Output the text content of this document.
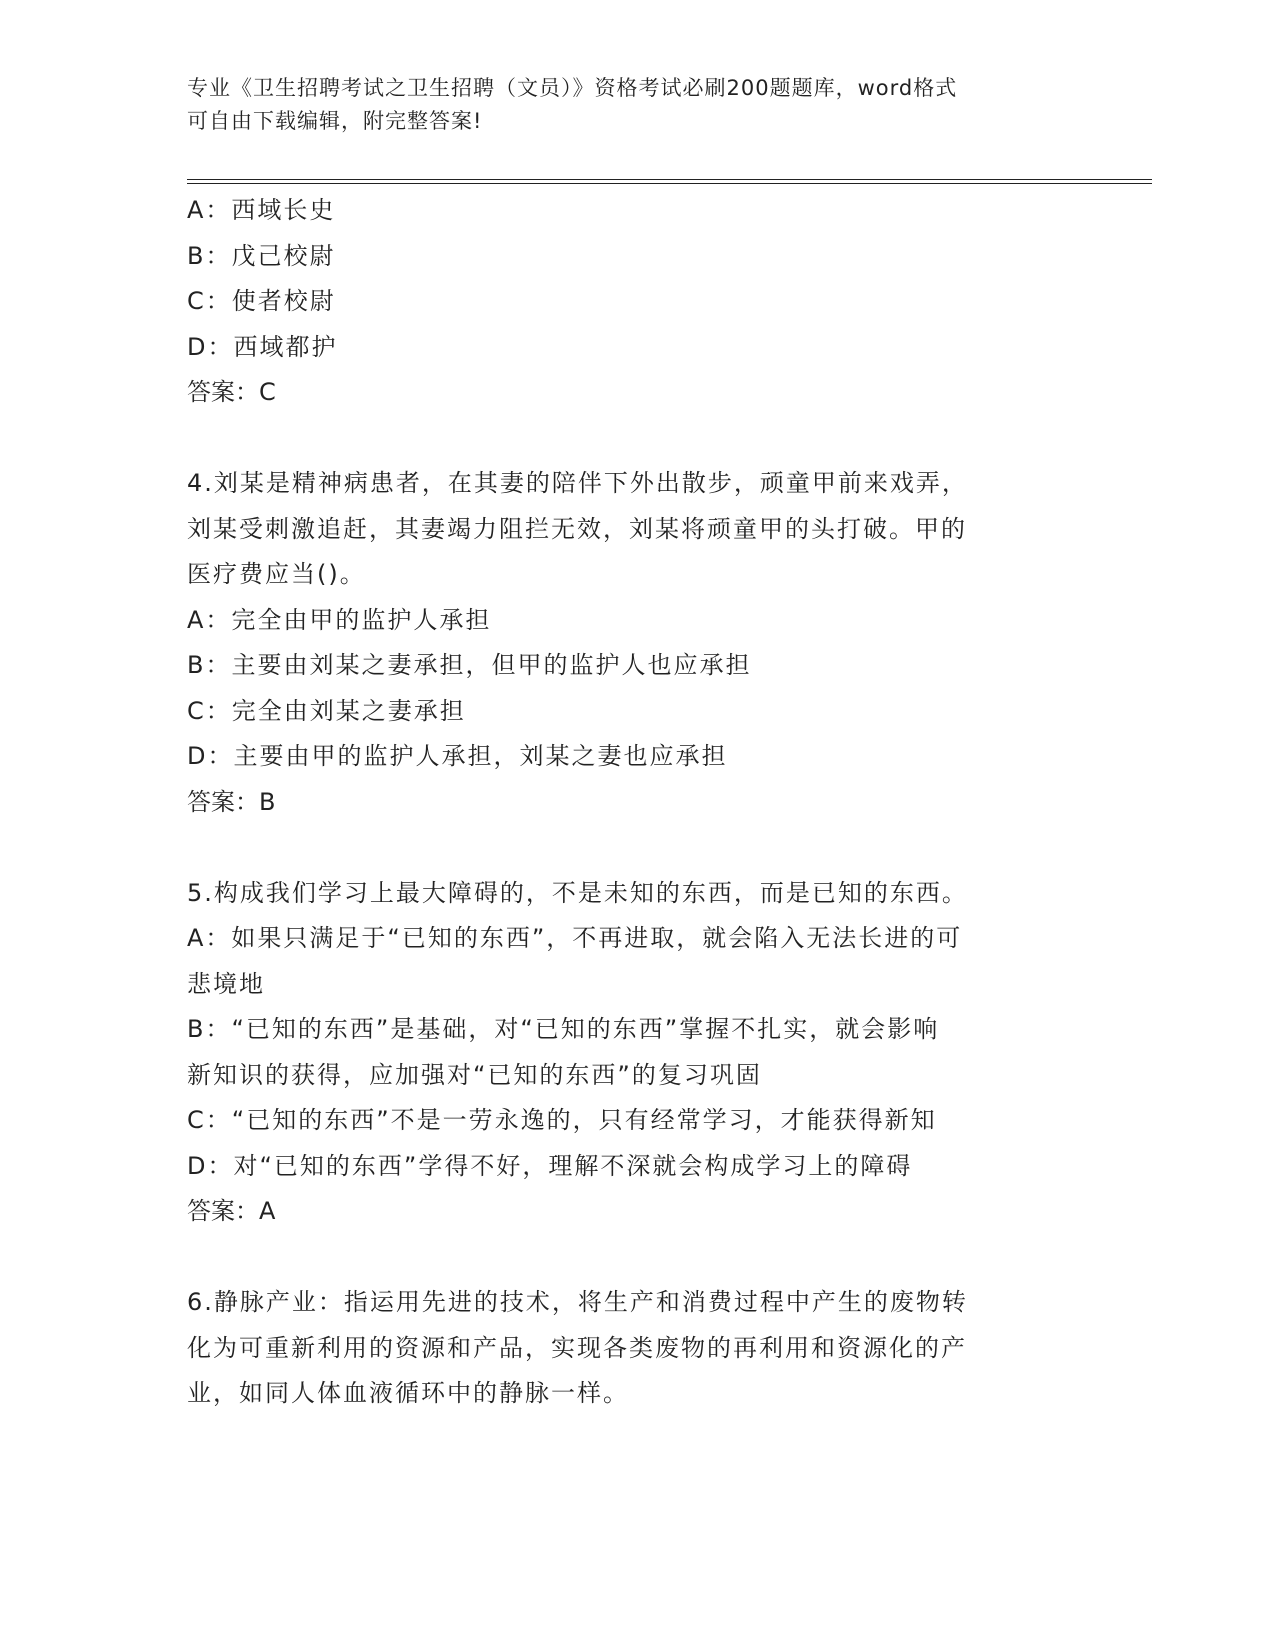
专业《卫生招聘考试之卫生招聘（文员）》资格考试必刷200题题库，word格式
可自由下载编辑，附完整答案!
A：西域长史
B：戊己校尉
C：使者校尉
D：西域都护
答案：C
4.刘某是精神病患者，在其妻的陪伴下外出散步，顽童甲前来戏弄，
刘某受刺激追赶，其妻竭力阻拦无效，刘某将顽童甲的头打破。甲的
医疗费应当()。
A：完全由甲的监护人承担
B：主要由刘某之妻承担，但甲的监护人也应承担
C：完全由刘某之妻承担
D：主要由甲的监护人承担，刘某之妻也应承担
答案：B
5.构成我们学习上最大障碍的，不是未知的东西，而是已知的东西。
A：如果只满足于“已知的东西”，不再进取，就会陷入无法长进的可
悲境地
B：“已知的东西”是基础，对“已知的东西”掌握不扎实，就会影响
新知识的获得，应加强对“已知的东西”的复习巩固
C：“已知的东西”不是一劳永逸的，只有经常学习，才能获得新知
D：对“已知的东西”学得不好，理解不深就会构成学习上的障碍
答案：A
6.静脉产业：指运用先进的技术，将生产和消费过程中产生的废物转
化为可重新利用的资源和产品，实现各类废物的再利用和资源化的产
业，如同人体血液循环中的静脉一样。
